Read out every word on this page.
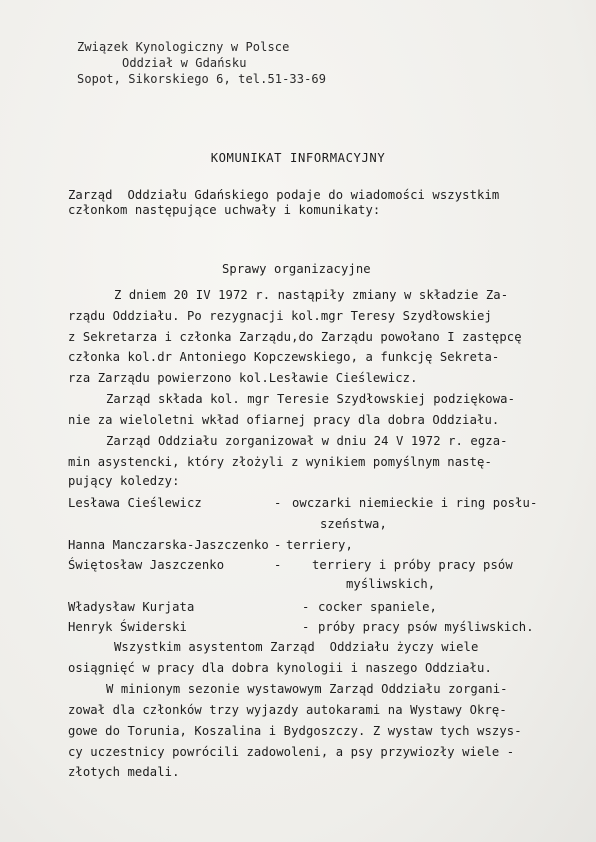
Związek Kynologiczny w Polsce
Oddział w Gdańsku
Sopot, Sikorskiego 6, tel.51-33-69
KOMUNIKAT INFORMACYJNY
Zarząd  Oddziału Gdańskiego podaje do wiadomości wszystkim
członkom następujące uchwały i komunikaty:
Sprawy organizacyjne
Z dniem 20 IV 1972 r. nastąpiły zmiany w składzie Za-
rządu Oddziału. Po rezygnacji kol.mgr Teresy Szydłowskiej
z Sekretarza i członka Zarządu,do Zarządu powołano I zastępcę
członka kol.dr Antoniego Kopczewskiego, a funkcję Sekreta-
rza Zarządu powierzono kol.Lesławie Cieślewicz.
Zarząd składa kol. mgr Teresie Szydłowskiej podziękowa-
nie za wieloletni wkład ofiarnej pracy dla dobra Oddziału.
Zarząd Oddziału zorganizował w dniu 24 V 1972 r. egza-
min asystencki, który złożyli z wynikiem pomyślnym nastę-
pujący koledzy:
Lesława Cieślewicz	- owczarki niemieckie i ring posłu-
szeństwa,
Hanna Manczarska-Jaszczenko - terriery,
Świętosław Jaszczenko	-	terriery i próby pracy psów
myśliwskich,
Władysław Kurjata	- cocker spaniele,
Henryk Świderski	- próby pracy psów myśliwskich.
Wszystkim asystentom Zarząd  Oddziału życzy wiele
osiągnięć w pracy dla dobra kynologii i naszego Oddziału.
W minionym sezonie wystawowym Zarząd Oddziału zorgani-
zował dla członków trzy wyjazdy autokarami na Wystawy Okrę-
gowe do Torunia, Koszalina i Bydgoszczy. Z wystaw tych wszys-
cy uczestnicy powrócili zadowoleni, a psy przywiozły wiele -
złotych medali.
